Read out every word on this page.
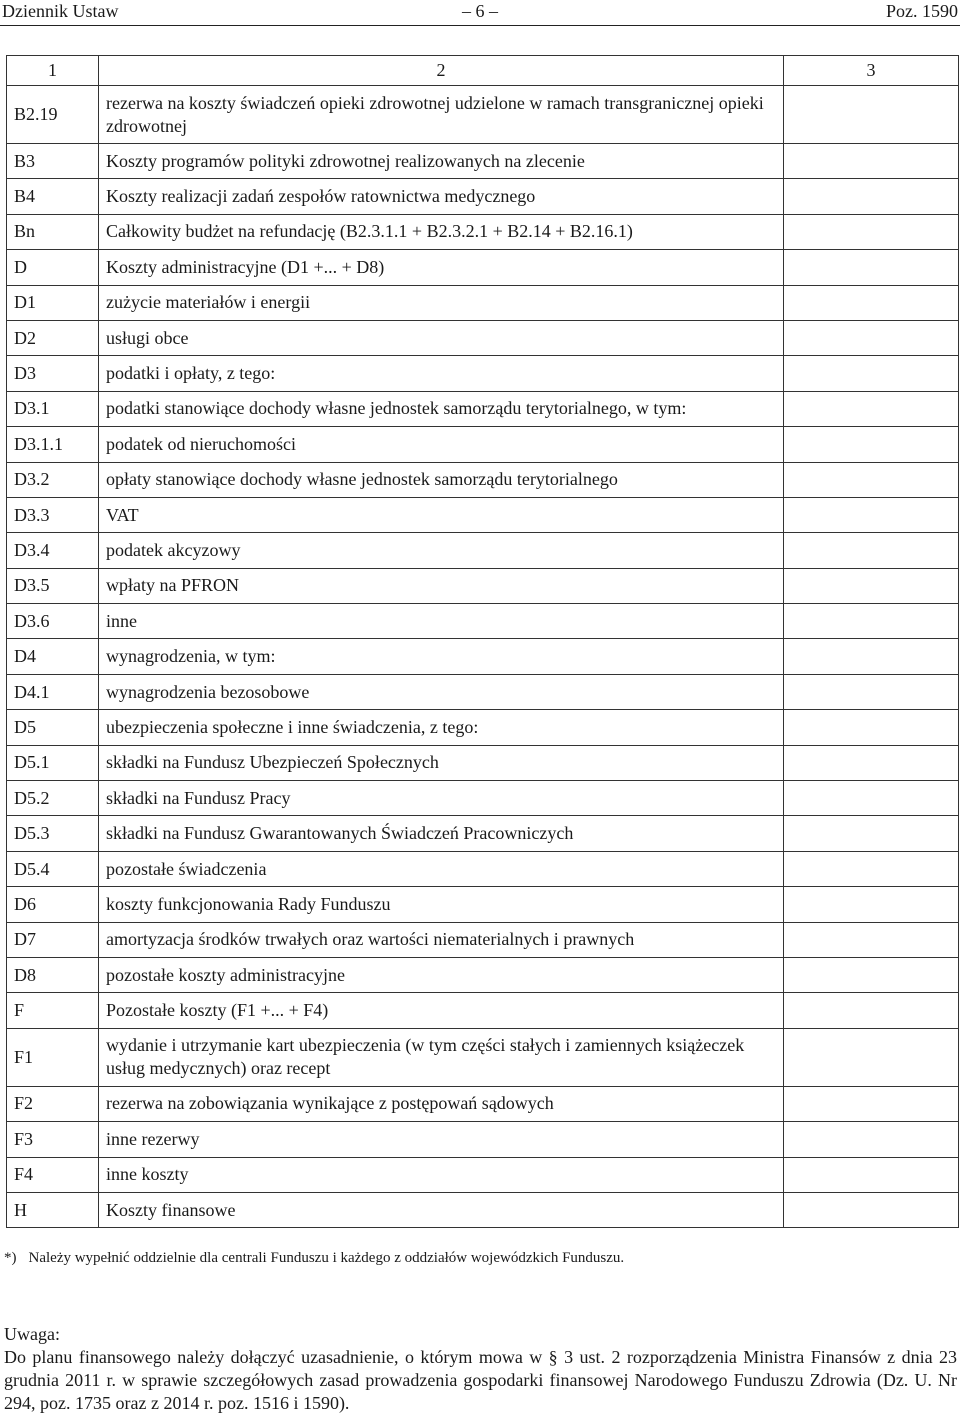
Dziennik Ustaw	– 6 –	Poz. 1590
1	2	3
B2.19	rezerwa na koszty świadczeń opieki zdrowotnej udzielone w ramach transgranicznej opieki zdrowotnej	
B3	Koszty programów polityki zdrowotnej realizowanych na zlecenie	
B4	Koszty realizacji zadań zespołów ratownictwa medycznego	
Bn	Całkowity budżet na refundację (B2.3.1.1 + B2.3.2.1 + B2.14 + B2.16.1)	
D	Koszty administracyjne (D1 +... + D8)	
D1	zużycie materiałów i energii	
D2	usługi obce	
D3	podatki i opłaty, z tego:	
D3.1	podatki stanowiące dochody własne jednostek samorządu terytorialnego, w tym:	
D3.1.1	podatek od nieruchomości	
D3.2	opłaty stanowiące dochody własne jednostek samorządu terytorialnego	
D3.3	VAT	
D3.4	podatek akcyzowy	
D3.5	wpłaty na PFRON	
D3.6	inne	
D4	wynagrodzenia, w tym:	
D4.1	wynagrodzenia bezosobowe	
D5	ubezpieczenia społeczne i inne świadczenia, z tego:	
D5.1	składki na Fundusz Ubezpieczeń Społecznych	
D5.2	składki na Fundusz Pracy	
D5.3	składki na Fundusz Gwarantowanych Świadczeń Pracowniczych	
D5.4	pozostałe świadczenia	
D6	koszty funkcjonowania Rady Funduszu	
D7	amortyzacja środków trwałych oraz wartości niematerialnych i prawnych	
D8	pozostałe koszty administracyjne	
F	Pozostałe koszty (F1 +... + F4)	
F1	wydanie i utrzymanie kart ubezpieczenia (w tym części stałych i zamiennych książeczek usług medycznych) oraz recept	
F2	rezerwa na zobowiązania wynikające z postępowań sądowych	
F3	inne rezerwy	
F4	inne koszty	
H	Koszty finansowe	
*) Należy wypełnić oddzielnie dla centrali Funduszu i każdego z oddziałów wojewódzkich Funduszu.
Uwaga:
Do planu finansowego należy dołączyć uzasadnienie, o którym mowa w § 3 ust. 2 rozporządzenia Ministra Finansów z dnia 23 grudnia 2011 r. w sprawie szczegółowych zasad prowadzenia gospodarki finansowej Narodowego Funduszu Zdrowia (Dz. U. Nr 294, poz. 1735 oraz z 2014 r. poz. 1516 i 1590).
